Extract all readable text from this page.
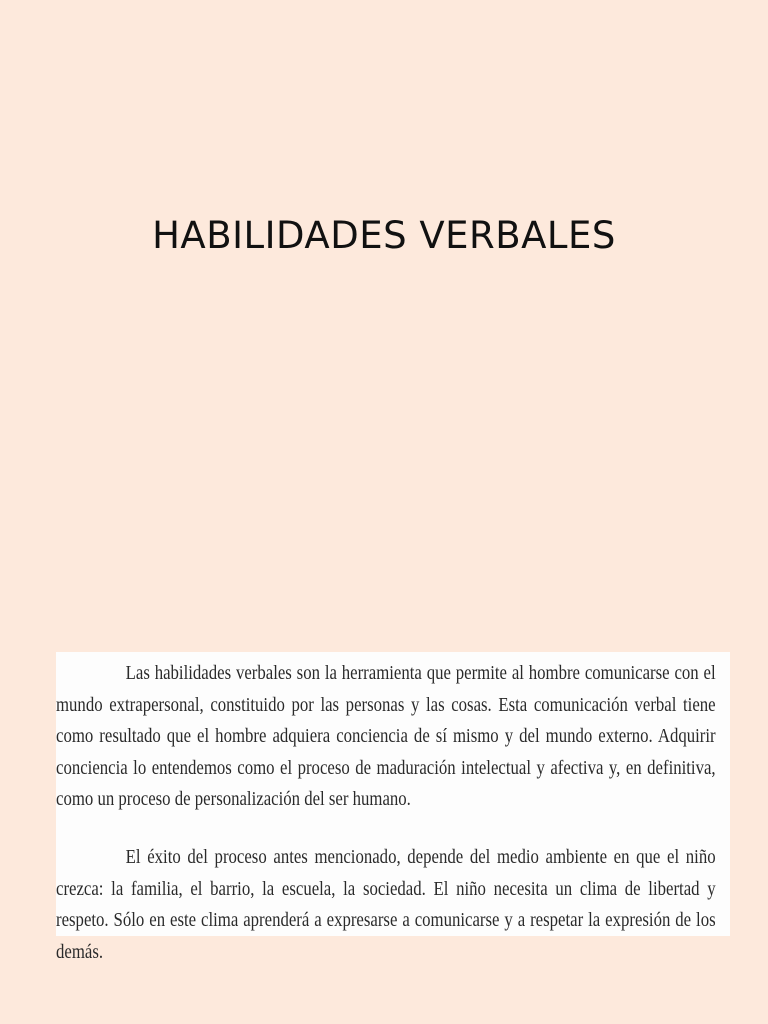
HABILIDADES VERBALES

Las habilidades verbales son la herramienta que permite al hombre comunicarse con el mundo extrapersonal, constituido por las personas y las cosas. Esta comunicación verbal tiene como resultado que el hombre adquiera conciencia de sí mismo y del mundo externo. Adquirir conciencia lo entendemos como el proceso de maduración intelectual y afectiva y, en definitiva, como un proceso de personalización del ser humano.

El éxito del proceso antes mencionado, depende del medio ambiente en que el niño crezca: la familia, el barrio, la escuela, la sociedad. El niño necesita un clima de libertad y respeto. Sólo en este clima aprenderá a expresarse a comunicarse y a respetar la expresión de los demás.
